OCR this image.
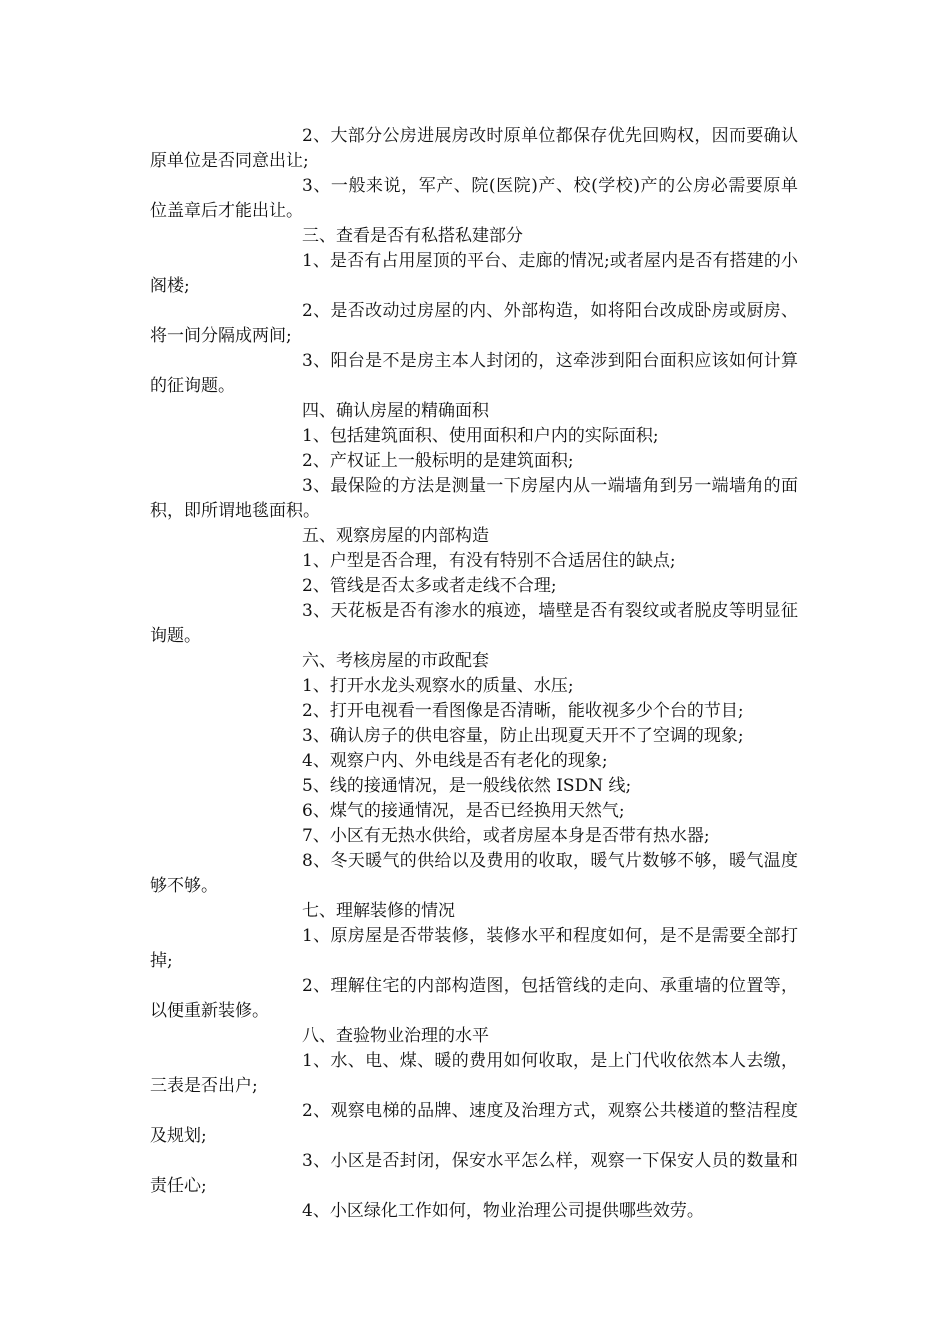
2、大部分公房进展房改时原单位都保存优先回购权，因而要确认原单位是否同意出让;

3、一般来说，军产、院(医院)产、校(学校)产的公房必需要原单位盖章后才能出让。

三、查看是否有私搭私建部分

1、是否有占用屋顶的平台、走廊的情况;或者屋内是否有搭建的小阁楼;

2、是否改动过房屋的内、外部构造，如将阳台改成卧房或厨房、将一间分隔成两间;

3、阳台是不是房主本人封闭的，这牵涉到阳台面积应该如何计算的征询题。

四、确认房屋的精确面积

1、包括建筑面积、使用面积和户内的实际面积;

2、产权证上一般标明的是建筑面积;

3、最保险的方法是测量一下房屋内从一端墙角到另一端墙角的面积，即所谓地毯面积。

五、观察房屋的内部构造

1、户型是否合理，有没有特别不合适居住的缺点;

2、管线是否太多或者走线不合理;

3、天花板是否有渗水的痕迹，墙壁是否有裂纹或者脱皮等明显征询题。

六、考核房屋的市政配套

1、打开水龙头观察水的质量、水压;

2、打开电视看一看图像是否清晰，能收视多少个台的节目;

3、确认房子的供电容量，防止出现夏天开不了空调的现象;

4、观察户内、外电线是否有老化的现象;

5、线的接通情况，是一般线依然 ISDN 线;

6、煤气的接通情况，是否已经换用天然气;

7、小区有无热水供给，或者房屋本身是否带有热水器;

8、冬天暖气的供给以及费用的收取，暖气片数够不够，暖气温度够不够。

七、理解装修的情况

1、原房屋是否带装修，装修水平和程度如何，是不是需要全部打掉;

2、理解住宅的内部构造图，包括管线的走向、承重墙的位置等，以便重新装修。

八、查验物业治理的水平

1、水、电、煤、暖的费用如何收取，是上门代收依然本人去缴，三表是否出户;

2、观察电梯的品牌、速度及治理方式，观察公共楼道的整洁程度及规划;

3、小区是否封闭，保安水平怎么样，观察一下保安人员的数量和责任心;

4、小区绿化工作如何，物业治理公司提供哪些效劳。
